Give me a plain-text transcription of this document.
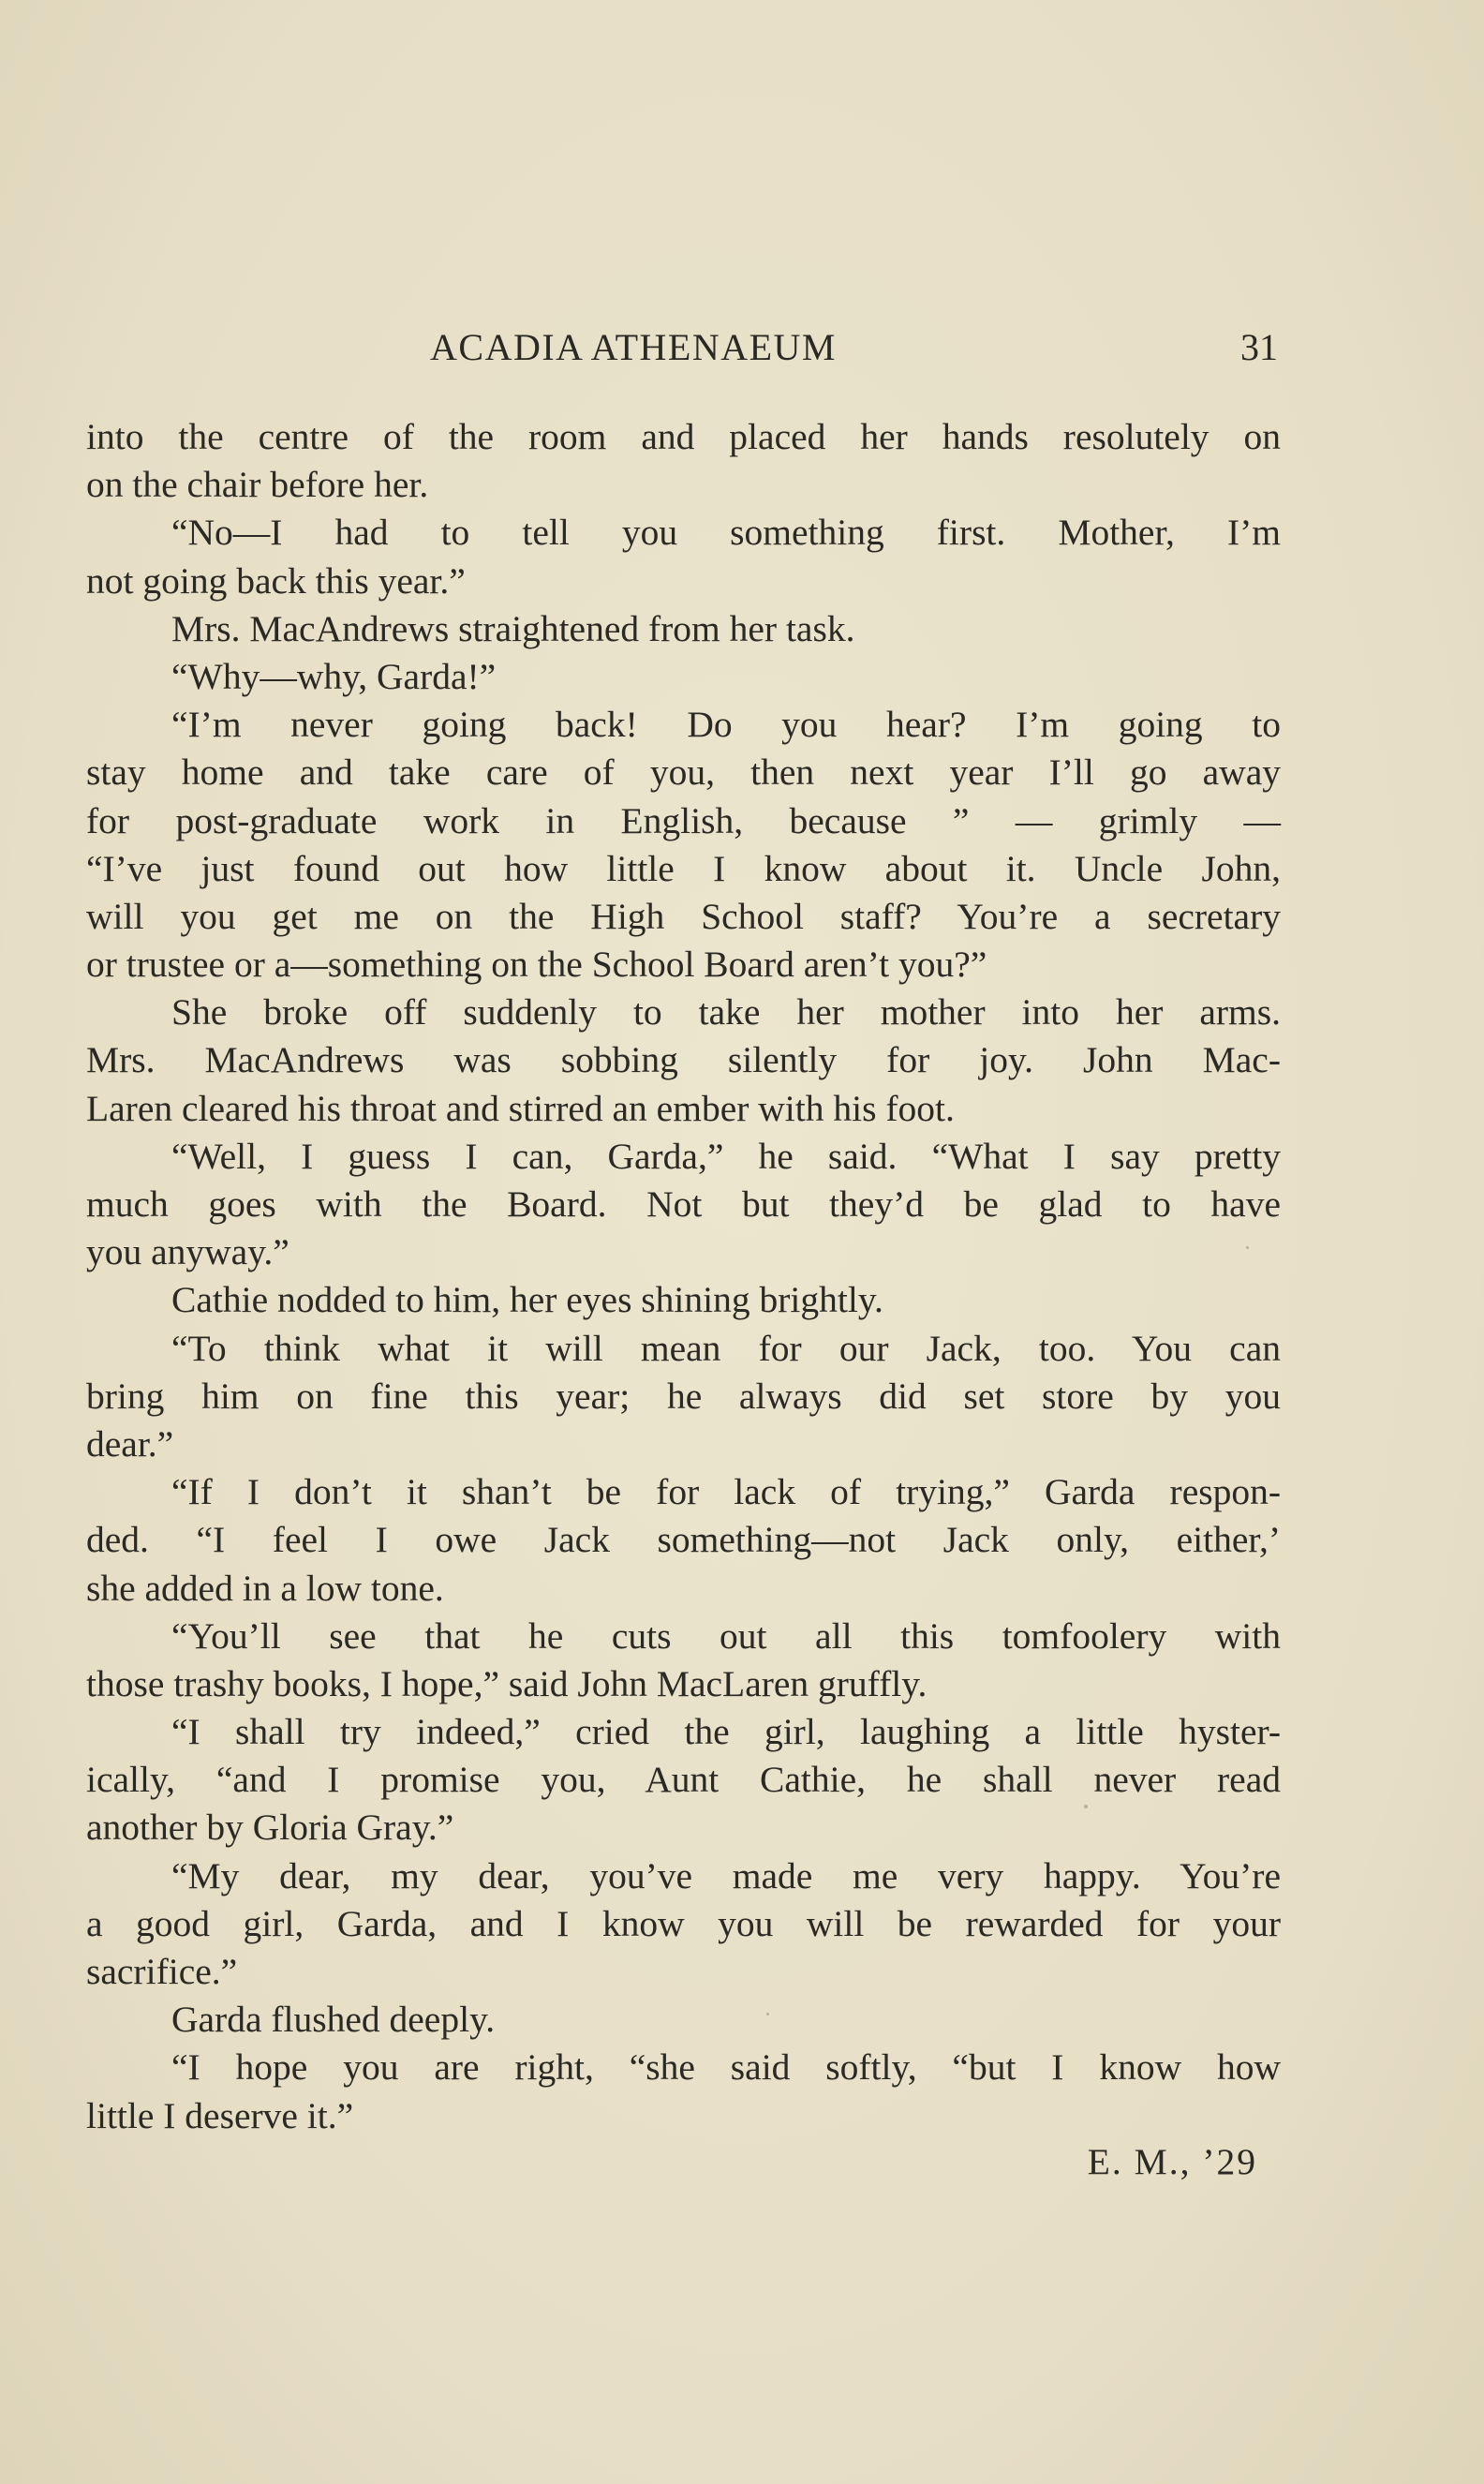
ACADIA ATHENAEUM	31
into the centre of the room and placed her hands resolutely on
on the chair before her.
“No—I had to tell you something first. Mother, I’m
not going back this year.”
Mrs. MacAndrews straightened from her task.
“Why—why, Garda!”
“I’m never going back! Do you hear? I’m going to
stay home and take care of you, then next year I’ll go away
for post-graduate work in English, because ” — grimly —
“I’ve just found out how little I know about it. Uncle John,
will you get me on the High School staff? You’re a secretary
or trustee or a—something on the School Board aren’t you?”
She broke off suddenly to take her mother into her arms.
Mrs. MacAndrews was sobbing silently for joy. John Mac-
Laren cleared his throat and stirred an ember with his foot.
“Well, I guess I can, Garda,” he said. “What I say pretty
much goes with the Board. Not but they’d be glad to have
you anyway.”
Cathie nodded to him, her eyes shining brightly.
“To think what it will mean for our Jack, too. You can
bring him on fine this year; he always did set store by you
dear.”
“If I don’t it shan’t be for lack of trying,” Garda respon-
ded. “I feel I owe Jack something—not Jack only, either,’
she added in a low tone.
“You’ll see that he cuts out all this tomfoolery with
those trashy books, I hope,” said John MacLaren gruffly.
“I shall try indeed,” cried the girl, laughing a little hyster-
ically, “and I promise you, Aunt Cathie, he shall never read
another by Gloria Gray.”
“My dear, my dear, you’ve made me very happy. You’re
a good girl, Garda, and I know you will be rewarded for your
sacrifice.”
Garda flushed deeply.
“I hope you are right, “she said softly, “but I know how
little I deserve it.”
E. M., ’29
